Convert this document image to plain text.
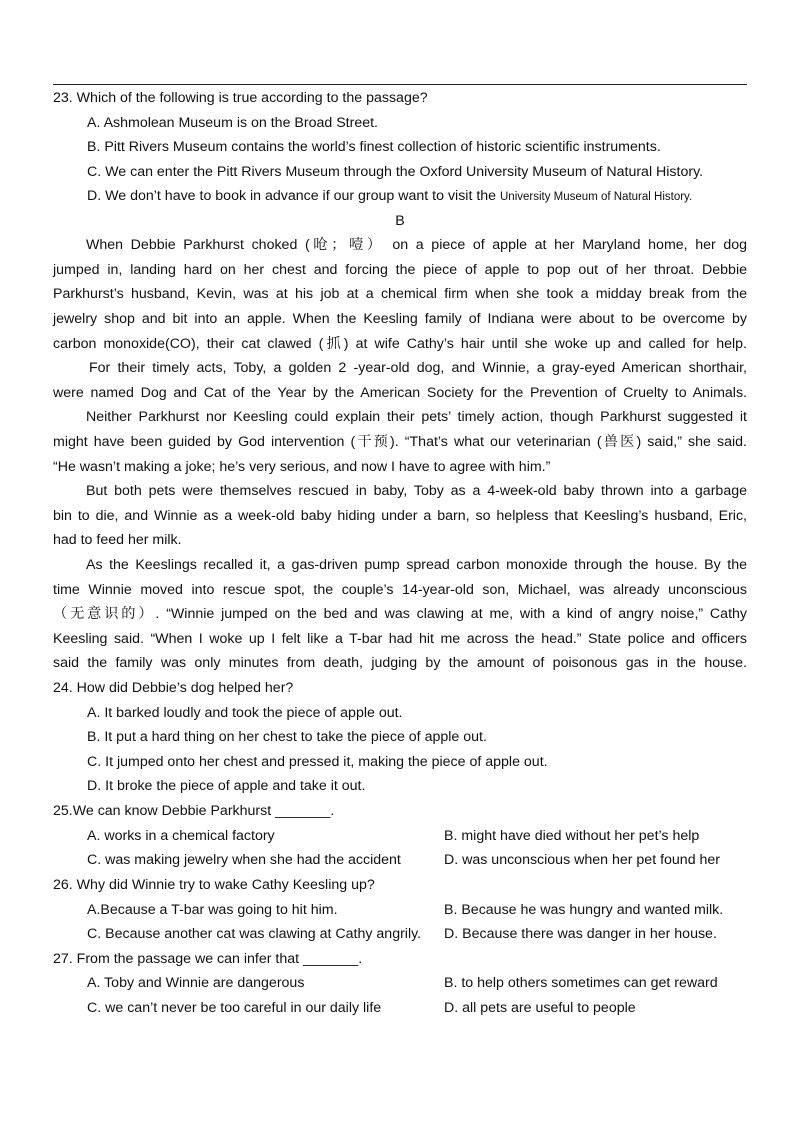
23. Which of the following is true according to the passage?
A. Ashmolean Museum is on the Broad Street.
B. Pitt Rivers Museum contains the world’s finest collection of historic scientific instruments.
C. We can enter the Pitt Rivers Museum through the Oxford University Museum of Natural History.
D. We don’t have to book in advance if our group want to visit the University Museum of Natural History.
B
When Debbie Parkhurst choked (呛；噎） on a piece of apple at her Maryland home, her dog
jumped in, landing hard on her chest and forcing the piece of apple to pop out of her throat. Debbie
Parkhurst’s husband, Kevin, was at his job at a chemical firm when she took a midday break from the
jewelry shop and bit into an apple. When the Keesling family of Indiana were about to be overcome by
carbon monoxide(CO), their cat clawed (抓) at wife Cathy’s hair until she woke up and called for help.
For their timely acts, Toby, a golden 2 -year-old dog, and Winnie, a gray-eyed American shorthair,
were named Dog and Cat of the Year by the American Society for the Prevention of Cruelty to Animals.
Neither Parkhurst nor Keesling could explain their pets’ timely action, though Parkhurst suggested it
might have been guided by God intervention (干预). “That’s what our veterinarian (兽医) said,” she said.
“He wasn’t making a joke; he’s very serious, and now I have to agree with him.”
But both pets were themselves rescued in baby, Toby as a 4-week-old baby thrown into a garbage
bin to die, and Winnie as a week-old baby hiding under a barn, so helpless that Keesling’s husband, Eric,
had to feed her milk.
As the Keeslings recalled it, a gas-driven pump spread carbon monoxide through the house. By the
time Winnie moved into rescue spot, the couple’s 14-year-old son, Michael, was already unconscious
（无意识的）. “Winnie jumped on the bed and was clawing at me, with a kind of angry noise,” Cathy
Keesling said. “When I woke up I felt like a T-bar had hit me across the head.” State police and officers
said the family was only minutes from death, judging by the amount of poisonous gas in the house.
24. How did Debbie’s dog helped her?
A. It barked loudly and took the piece of apple out.
B. It put a hard thing on her chest to take the piece of apple out.
C. It jumped onto her chest and pressed it, making the piece of apple out.
D. It broke the piece of apple and take it out.
25.We can know Debbie Parkhurst _______.
A. works in a chemical factory	B. might have died without her pet’s help
C. was making jewelry when she had the accident	D. was unconscious when her pet found her
26. Why did Winnie try to wake Cathy Keesling up?
A.Because a T-bar was going to hit him.	B. Because he was hungry and wanted milk.
C. Because another cat was clawing at Cathy angrily.	D. Because there was danger in her house.
27. From the passage we can infer that _______.
A. Toby and Winnie are dangerous	B. to help others sometimes can get reward
C. we can’t never be too careful in our daily life	D. all pets are useful to people
